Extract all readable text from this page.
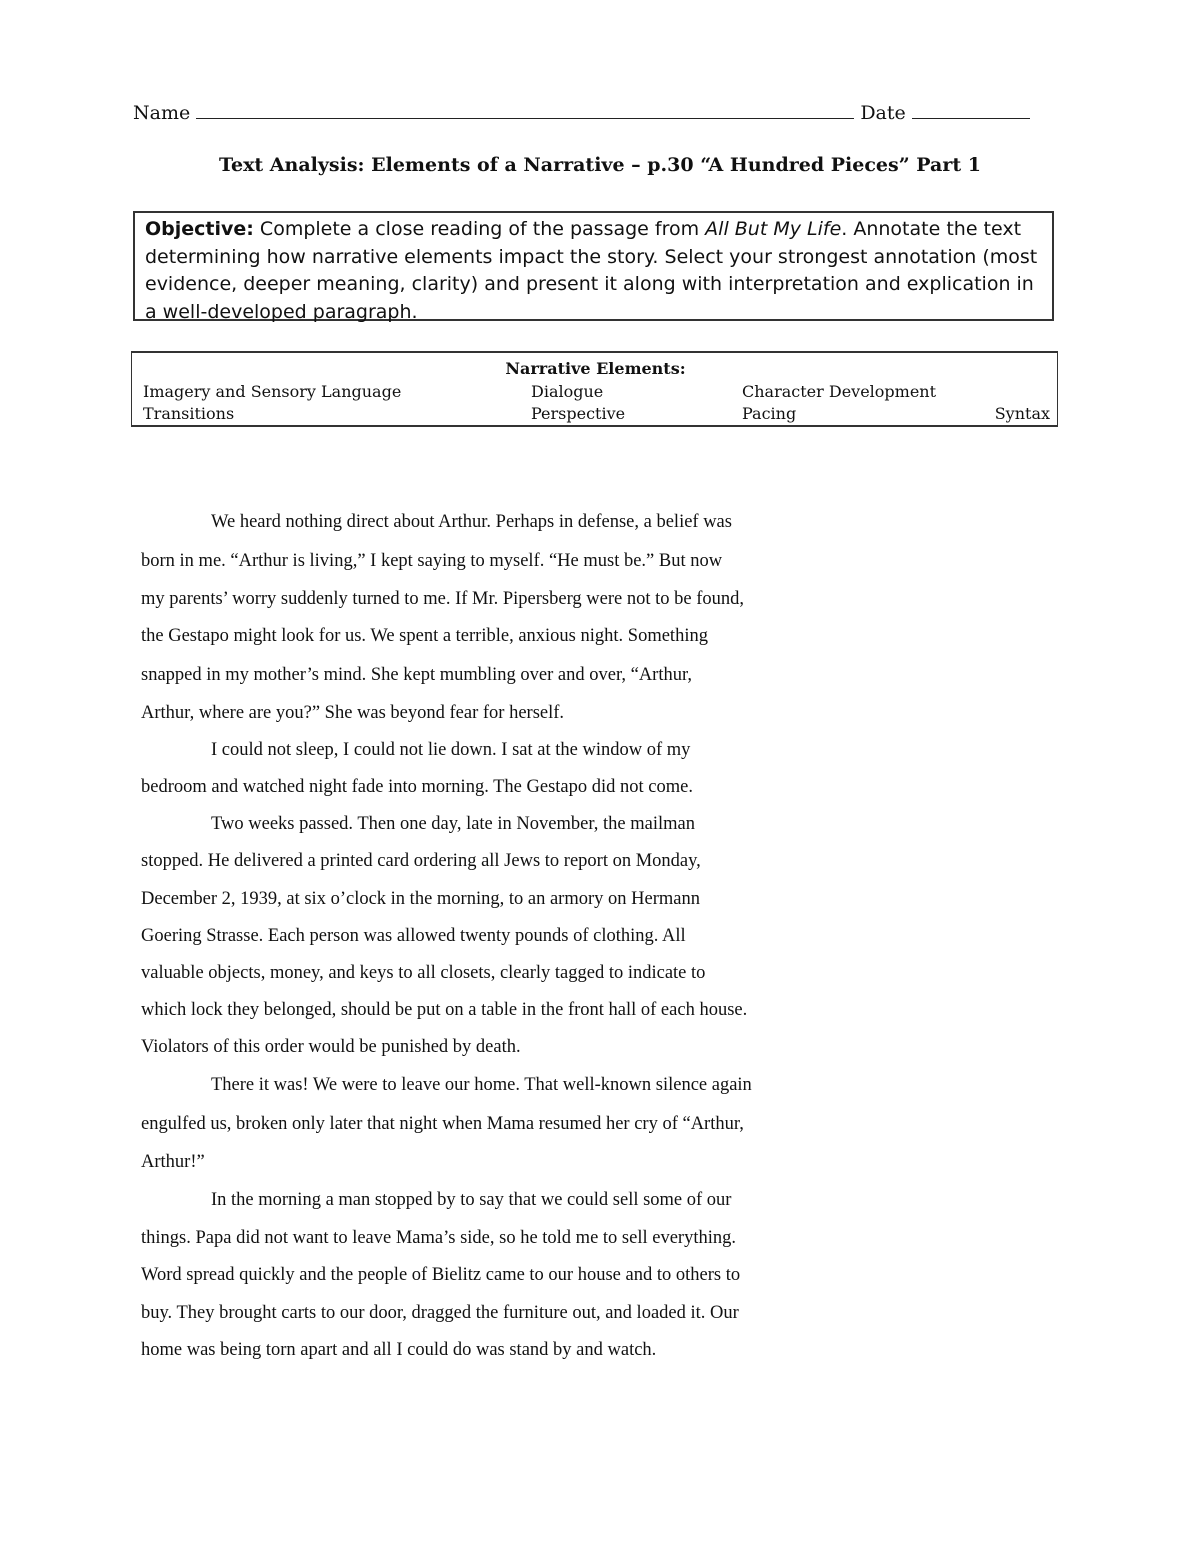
Name	Date
Text Analysis: Elements of a Narrative – p.30 “A Hundred Pieces” Part 1
Objective: Complete a close reading of the passage from All But My Life. Annotate the text determining how narrative elements impact the story. Select your strongest annotation (most evidence, deeper meaning, clarity) and present it along with interpretation and explication in a well-developed paragraph.
Narrative Elements:
Imagery and Sensory Language	Dialogue	Character Development
Transitions	Perspective	Pacing	Syntax
We heard nothing direct about Arthur. Perhaps in defense, a belief was
born in me. “Arthur is living,” I kept saying to myself. “He must be.” But now
my parents’ worry suddenly turned to me. If Mr. Pipersberg were not to be found,
the Gestapo might look for us. We spent a terrible, anxious night. Something
snapped in my mother’s mind. She kept mumbling over and over, “Arthur,
Arthur, where are you?” She was beyond fear for herself.
I could not sleep, I could not lie down. I sat at the window of my
bedroom and watched night fade into morning. The Gestapo did not come.
Two weeks passed. Then one day, late in November, the mailman
stopped. He delivered a printed card ordering all Jews to report on Monday,
December 2, 1939, at six o’clock in the morning, to an armory on Hermann
Goering Strasse. Each person was allowed twenty pounds of clothing. All
valuable objects, money, and keys to all closets, clearly tagged to indicate to
which lock they belonged, should be put on a table in the front hall of each house.
Violators of this order would be punished by death.
There it was! We were to leave our home. That well-known silence again
engulfed us, broken only later that night when Mama resumed her cry of “Arthur,
Arthur!”
In the morning a man stopped by to say that we could sell some of our
things. Papa did not want to leave Mama’s side, so he told me to sell everything.
Word spread quickly and the people of Bielitz came to our house and to others to
buy. They brought carts to our door, dragged the furniture out, and loaded it. Our
home was being torn apart and all I could do was stand by and watch.
